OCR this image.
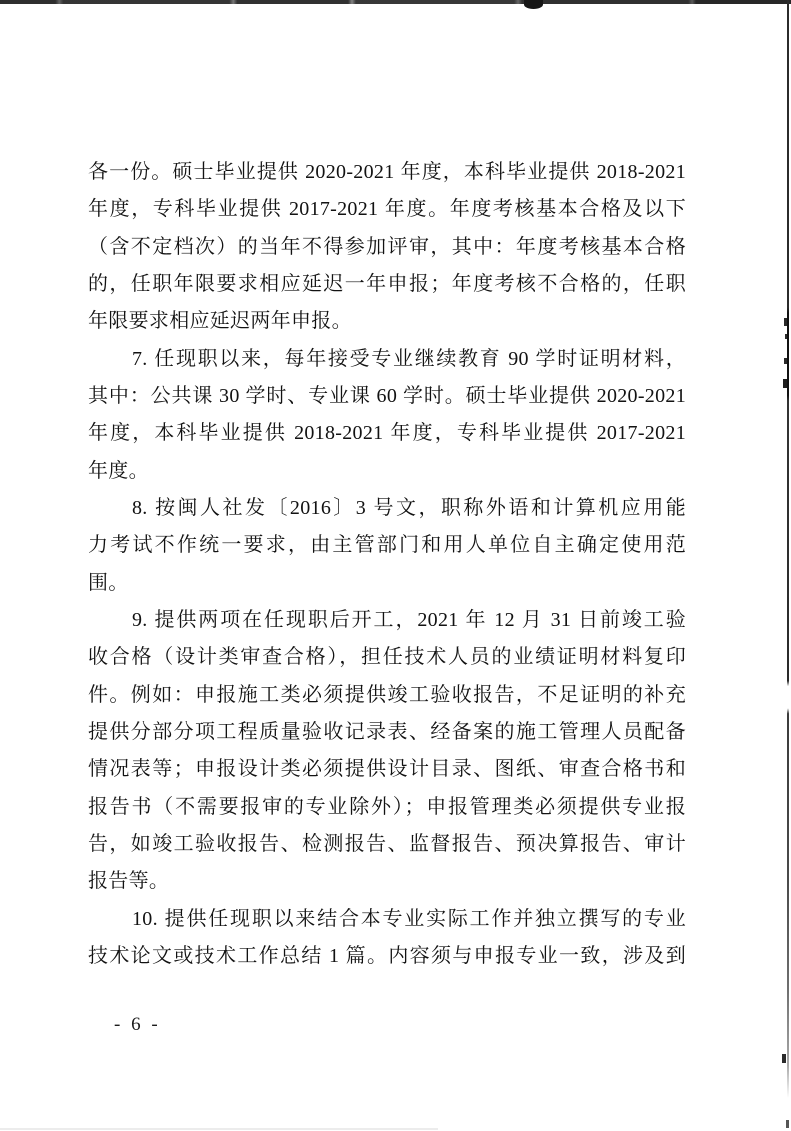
各一份。硕士毕业提供 2020-2021 年度，本科毕业提供 2018-2021
年度，专科毕业提供 2017-2021 年度。年度考核基本合格及以下
（含不定档次）的当年不得参加评审，其中：年度考核基本合格
的，任职年限要求相应延迟一年申报；年度考核不合格的，任职
年限要求相应延迟两年申报。
7. 任现职以来，每年接受专业继续教育 90 学时证明材料，
其中：公共课 30 学时、专业课 60 学时。硕士毕业提供 2020-2021
年度，本科毕业提供 2018-2021 年度，专科毕业提供 2017-2021
年度。
8. 按闽人社发〔2016〕3 号文，职称外语和计算机应用能
力考试不作统一要求，由主管部门和用人单位自主确定使用范
围。
9. 提供两项在任现职后开工，2021 年 12 月 31 日前竣工验
收合格（设计类审查合格），担任技术人员的业绩证明材料复印
件。例如：申报施工类必须提供竣工验收报告，不足证明的补充
提供分部分项工程质量验收记录表、经备案的施工管理人员配备
情况表等；申报设计类必须提供设计目录、图纸、审查合格书和
报告书（不需要报审的专业除外）；申报管理类必须提供专业报
告，如竣工验收报告、检测报告、监督报告、预决算报告、审计
报告等。
10. 提供任现职以来结合本专业实际工作并独立撰写的专业
技术论文或技术工作总结 1 篇。内容须与申报专业一致，涉及到
- 6 -
